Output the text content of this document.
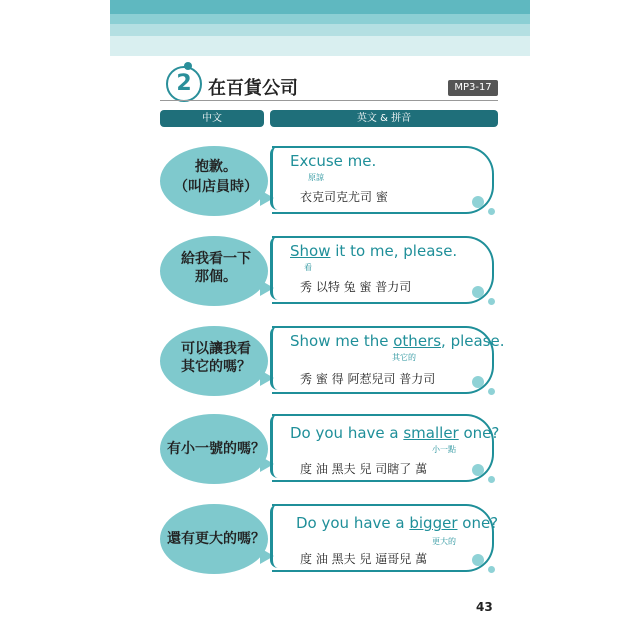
2 在百貨公司	MP3-17
中文	英文 & 拼音
抱歉。
（叫店員時）
Excuse me.
原諒
衣克司克尤司 蜜
給我看一下
那個。
Show it to me, please.
看
秀 以特 兔 蜜 普力司
可以讓我看
其它的嗎？
Show me the others, please.
其它的
秀 蜜 得 阿惹兒司 普力司
有小一號的嗎？
Do you have a smaller one?
小一點
度 油 黑夫 兒 司瞎了 萬
還有更大的嗎？
Do you have a bigger one?
更大的
度 油 黑夫 兒 逼哥兒 萬
43
